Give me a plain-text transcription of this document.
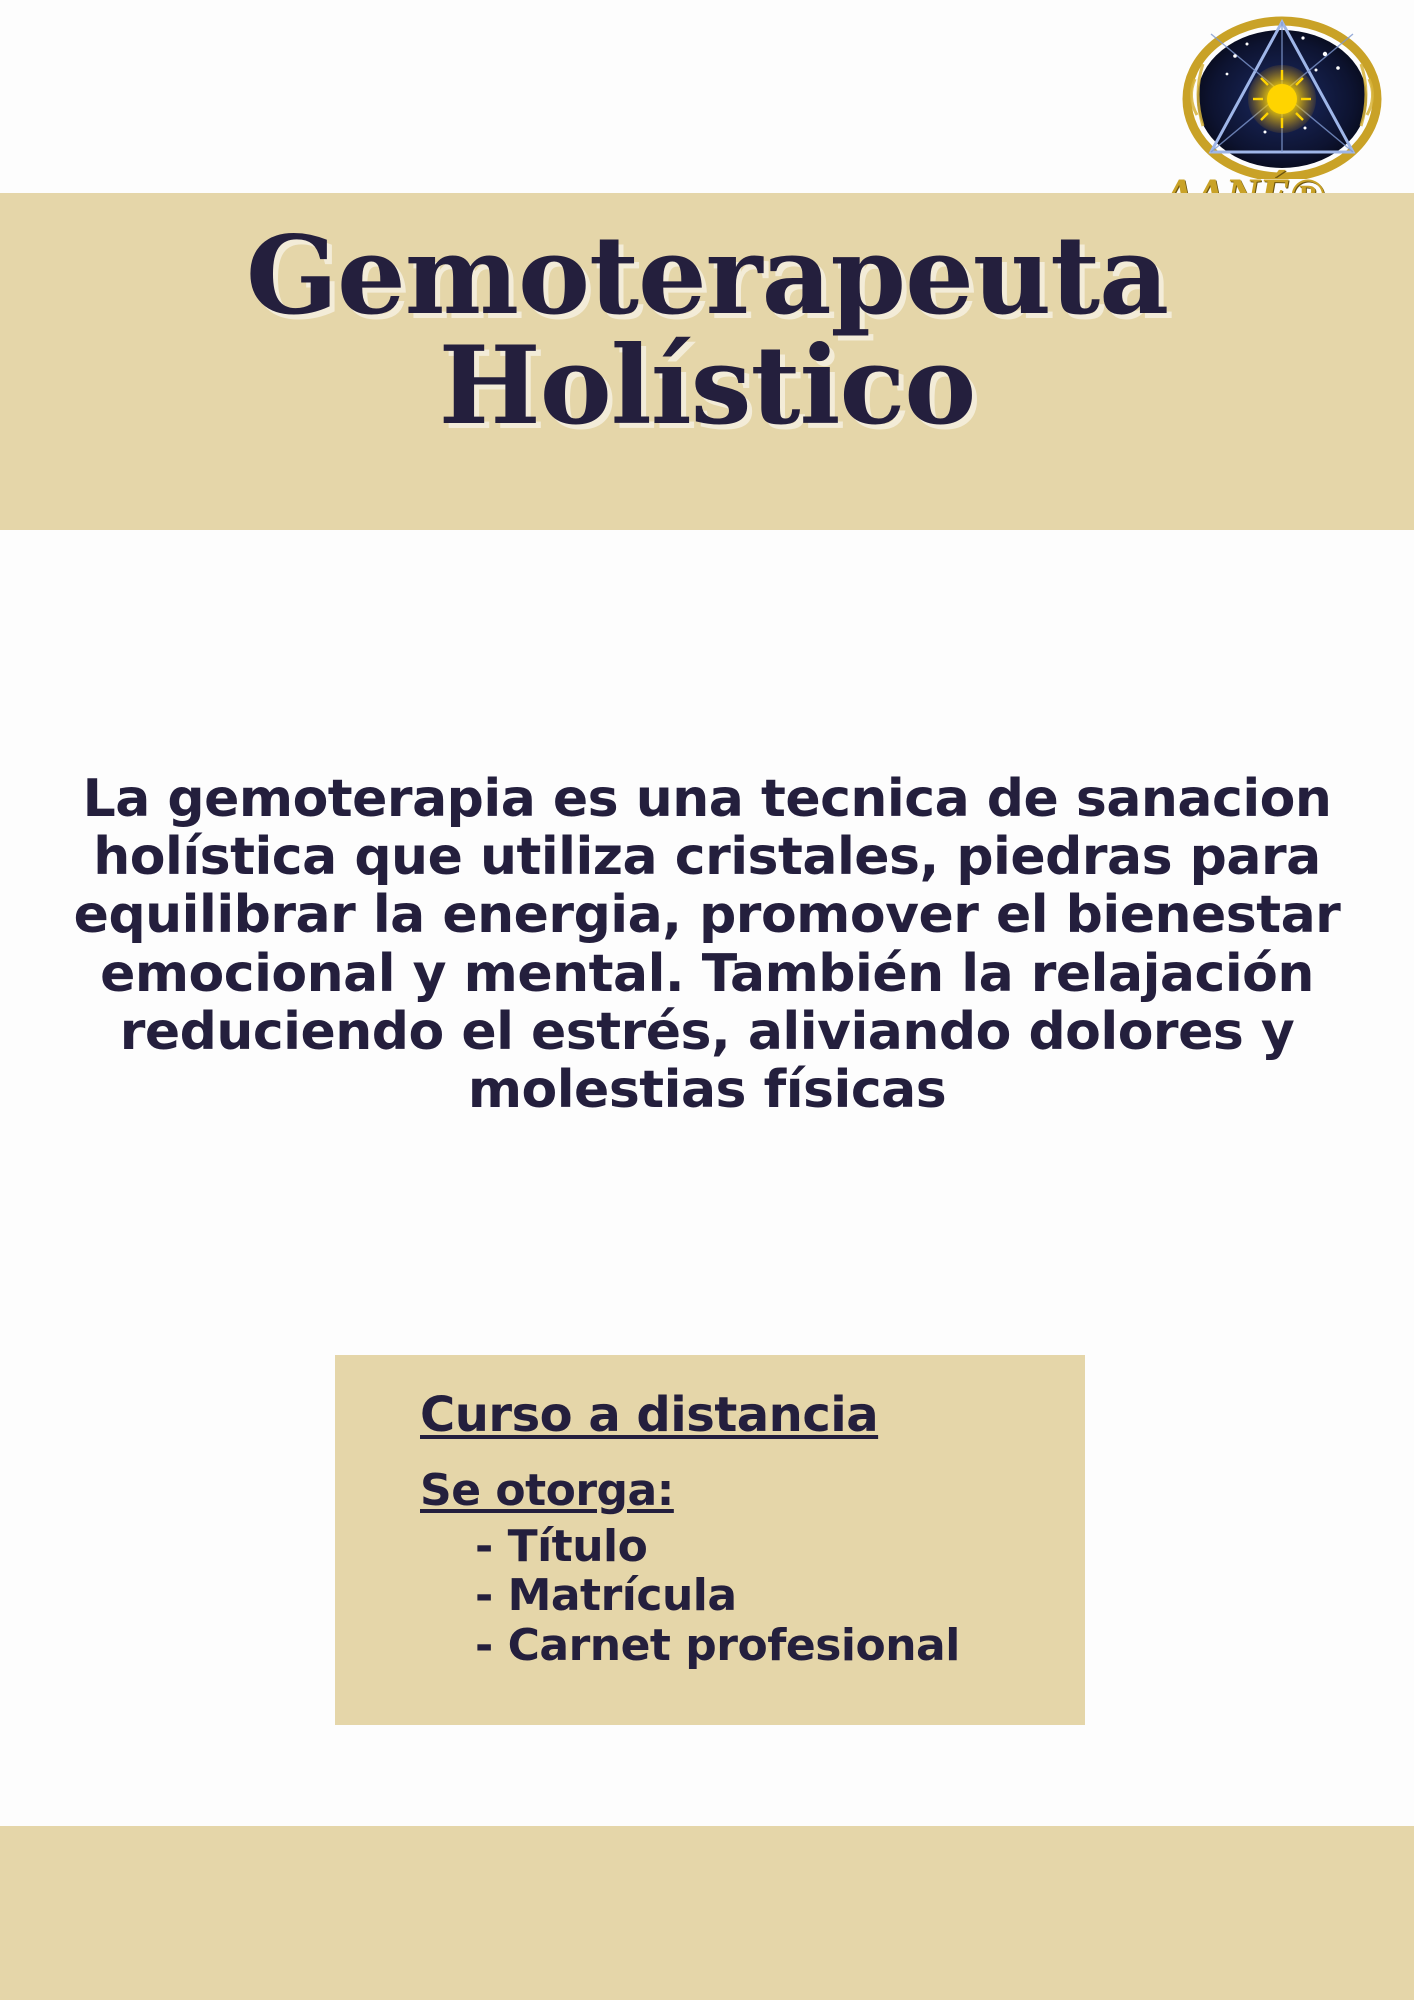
Gemoterapeuta
Holístico
La gemoterapia es una tecnica de sanacion holística que utiliza cristales, piedras para equilibrar la energia, promover el bienestar emocional y mental. También la relajación reduciendo el estrés, aliviando dolores y molestias físicas
Curso a distancia
Se otorga:
- Título
- Matrícula
- Carnet profesional
